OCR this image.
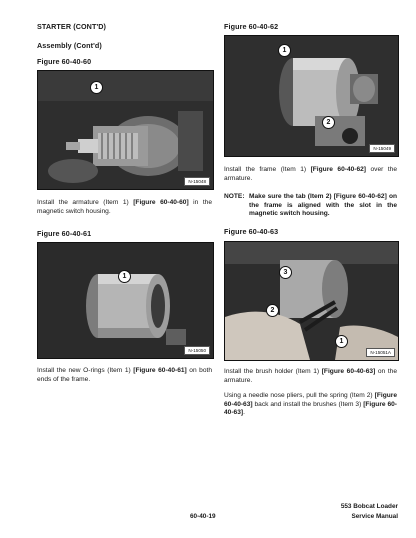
STARTER (CONT'D)
Assembly (Cont'd)
Figure 60-40-60
1
N-15048
Install the armature (Item 1) [Figure 60-40-60] in the magnetic switch housing.
Figure 60-40-61
1
N-15050
Install the new O-rings (Item 1) [Figure 60-40-61] on both ends of the frame.
Figure 60-40-62
1
2
N-15049
Install the frame (Item 1) [Figure 60-40-62] over the armature.
NOTE: Make sure the tab (Item 2) [Figure 60-40-62] on the frame is aligned with the slot in the magnetic switch housing.
Figure 60-40-63
3
2
1
N-15051A
Install the brush holder (Item 1) [Figure 60-40-63] on the armature.
Using a needle nose pliers, pull the spring (Item 2) [Figure 60-40-63] back and install the brushes (Item 3) [Figure 60-40-63].
60-40-19
553 Bobcat Loader
Service Manual
